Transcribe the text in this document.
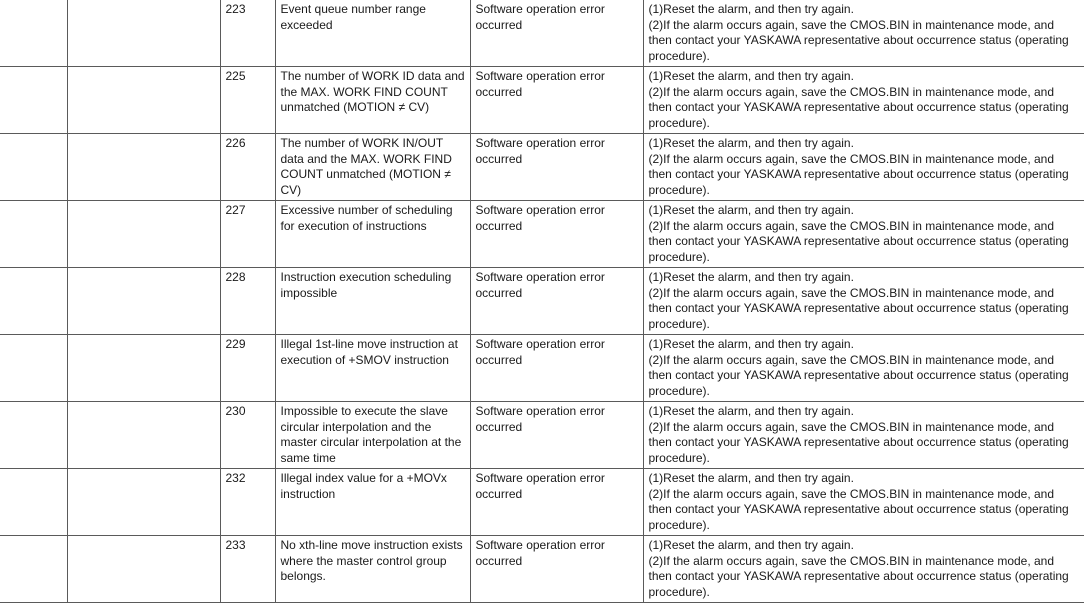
		223	Event queue number range exceeded	Software operation error occurred	(1)Reset the alarm, and then try again.
(2)If the alarm occurs again, save the CMOS.BIN in maintenance mode, and then contact your YASKAWA representative about occurrence status (operating procedure).

		225	The number of WORK ID data and the MAX. WORK FIND COUNT unmatched (MOTION ≠ CV)	Software operation error occurred	(1)Reset the alarm, and then try again.
(2)If the alarm occurs again, save the CMOS.BIN in maintenance mode, and then contact your YASKAWA representative about occurrence status (operating procedure).

		226	The number of WORK IN/OUT data and the MAX. WORK FIND COUNT unmatched (MOTION ≠ CV)	Software operation error occurred	(1)Reset the alarm, and then try again.
(2)If the alarm occurs again, save the CMOS.BIN in maintenance mode, and then contact your YASKAWA representative about occurrence status (operating procedure).

		227	Excessive number of scheduling for execution of instructions	Software operation error occurred	(1)Reset the alarm, and then try again.
(2)If the alarm occurs again, save the CMOS.BIN in maintenance mode, and then contact your YASKAWA representative about occurrence status (operating procedure).

		228	Instruction execution scheduling impossible	Software operation error occurred	(1)Reset the alarm, and then try again.
(2)If the alarm occurs again, save the CMOS.BIN in maintenance mode, and then contact your YASKAWA representative about occurrence status (operating procedure).

		229	Illegal 1st-line move instruction at execution of +SMOV instruction	Software operation error occurred	(1)Reset the alarm, and then try again.
(2)If the alarm occurs again, save the CMOS.BIN in maintenance mode, and then contact your YASKAWA representative about occurrence status (operating procedure).

		230	Impossible to execute the slave circular interpolation and the master circular interpolation at the same time	Software operation error occurred	(1)Reset the alarm, and then try again.
(2)If the alarm occurs again, save the CMOS.BIN in maintenance mode, and then contact your YASKAWA representative about occurrence status (operating procedure).

		232	Illegal index value for a +MOVx instruction	Software operation error occurred	(1)Reset the alarm, and then try again.
(2)If the alarm occurs again, save the CMOS.BIN in maintenance mode, and then contact your YASKAWA representative about occurrence status (operating procedure).

		233	No xth-line move instruction exists where the master control group belongs.	Software operation error occurred	(1)Reset the alarm, and then try again.
(2)If the alarm occurs again, save the CMOS.BIN in maintenance mode, and then contact your YASKAWA representative about occurrence status (operating procedure).
